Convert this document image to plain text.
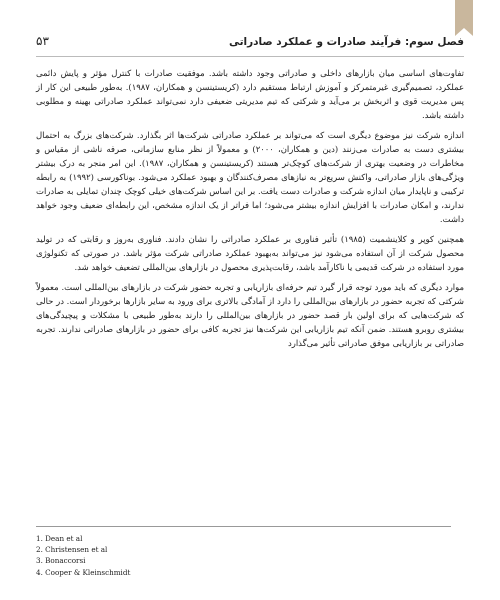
فصل سوم: فرآیند صادرات و عملکرد صادراتی
۵۳

تفاوت‌های اساسی میان بازارهای داخلی و صادراتی وجود داشته باشد. موفقیت صادرات با کنترل مؤثر و پایش دائمی عملکرد، تصمیم‌گیری غیرمتمرکز و آموزش ارتباط مستقیم دارد (کریستینسن و همکاران، ۱۹۸۷). به‌طور طبیعی این کار از پس مدیریت قوی و اثربخش بر می‌آید و شرکتی که تیم مدیریتی ضعیفی دارد نمی‌تواند عملکرد صادراتی بهینه و مطلوبی داشته باشد.

اندازه شرکت نیز موضوع دیگری است که می‌تواند بر عملکرد صادراتی شرکت‌ها اثر بگذارد. شرکت‌های بزرگ به احتمال بیشتری دست به صادرات می‌زنند (دین و همکاران، ۲۰۰۰) و معمولاً از نظر منابع سازمانی، صرفه ناشی از مقیاس و مخاطرات در وضعیت بهتری از شرکت‌های کوچک‌تر هستند (کریستینسن و همکاران، ۱۹۸۷). این امر منجر به درک بیشتر ویژگی‌های بازار صادراتی، واکنش سریع‌تر به نیازهای مصرف‌کنندگان و بهبود عملکرد می‌شود. بوناکورسی (۱۹۹۲) به رابطه ترکیبی و ناپایدار میان اندازه شرکت و صادرات دست یافت. بر این اساس شرکت‌های خیلی کوچک چندان تمایلی به صادرات ندارند، و امکان صادرات با افزایش اندازه بیشتر می‌شود؛ اما فراتر از یک اندازه مشخص، این رابطه‌ای ضعیف وجود خواهد داشت.

همچنین کوپر و کلاینشمیت (۱۹۸۵) تأثیر فناوری بر عملکرد صادراتی را نشان دادند. فناوری به‌روز و رقابتی که در تولید محصول شرکت از آن استفاده می‌شود نیز می‌تواند به‌بهبود عملکرد صادراتی شرکت مؤثر باشد. در صورتی که تکنولوژی مورد استفاده در شرکت قدیمی یا ناکارآمد باشد، رقابت‌پذیری محصول در بازارهای بین‌المللی تضعیف خواهد شد.

موارد دیگری که باید مورد توجه قرار گیرد تیم حرفه‌ای بازاریابی و تجربه حضور شرکت در بازارهای بین‌المللی است. معمولاً شرکتی که تجربه حضور در بازارهای بین‌المللی را دارد از آمادگی بالاتری برای ورود به سایر بازارها برخوردار است. در حالی که شرکت‌هایی که برای اولین بار قصد حضور در بازارهای بین‌المللی را دارند به‌طور طبیعی با مشکلات و پیچیدگی‌های بیشتری روبرو هستند. ضمن آنکه تیم بازاریابی این شرکت‌ها نیز تجربه کافی برای حضور در بازارهای صادراتی ندارند. تجربه صادراتی بر بازاریابی موفق صادراتی تأثیر می‌گذارد

1. Dean et al
2. Christensen et al
3. Bonaccorsi
4. Cooper & Kleinschmidt
